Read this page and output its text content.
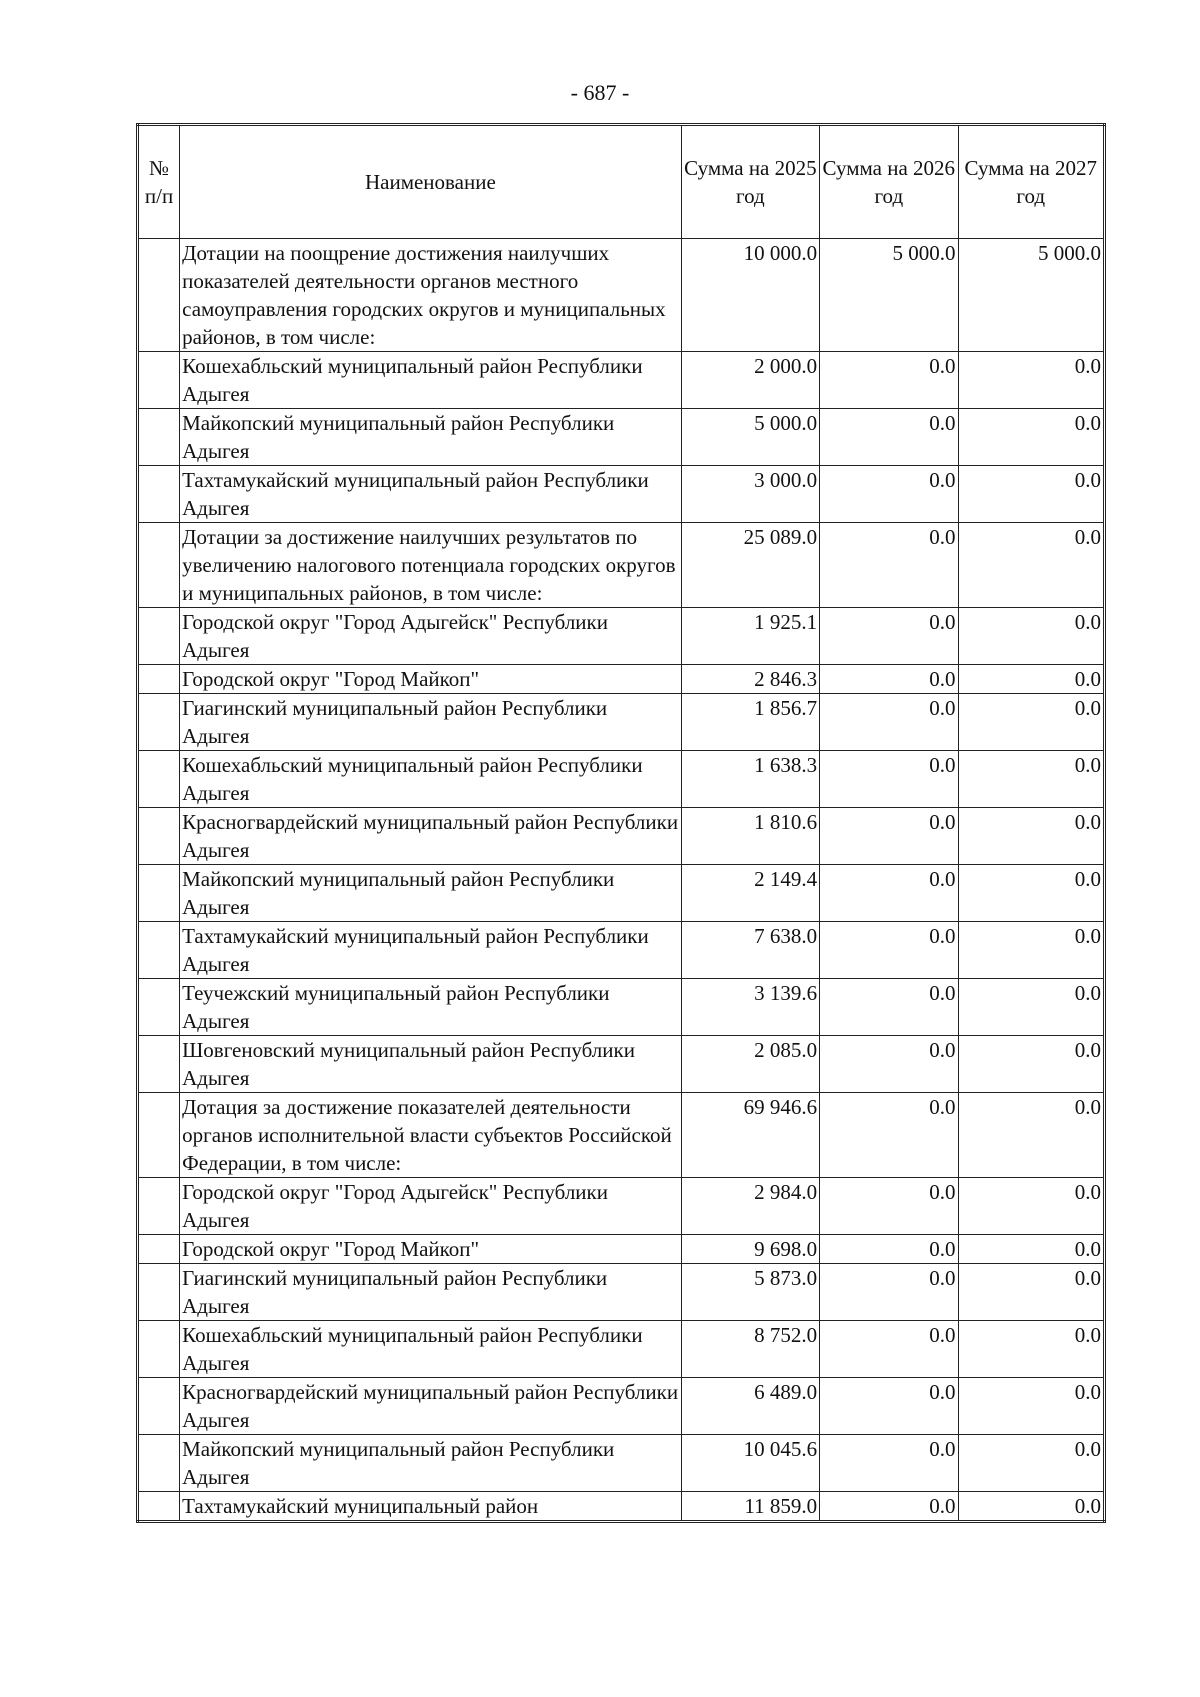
- 687 -
№ п/п	Наименование	Сумма на 2025 год	Сумма на 2026 год	Сумма на 2027 год
	Дотации на поощрение достижения наилучших показателей деятельности органов местного самоуправления городских округов и муниципальных районов, в том числе:	10 000.0	5 000.0	5 000.0
	Кошехабльский муниципальный район Республики Адыгея	2 000.0	0.0	0.0
	Майкопский муниципальный район Республики Адыгея	5 000.0	0.0	0.0
	Тахтамукайский муниципальный район Республики Адыгея	3 000.0	0.0	0.0
	Дотации за достижение наилучших результатов по увеличению налогового потенциала городских округов и муниципальных районов, в том числе:	25 089.0	0.0	0.0
	Городской округ "Город Адыгейск" Республики Адыгея	1 925.1	0.0	0.0
	Городской округ "Город Майкоп"	2 846.3	0.0	0.0
	Гиагинский муниципальный район Республики Адыгея	1 856.7	0.0	0.0
	Кошехабльский муниципальный район Республики Адыгея	1 638.3	0.0	0.0
	Красногвардейский муниципальный район Республики Адыгея	1 810.6	0.0	0.0
	Майкопский муниципальный район Республики Адыгея	2 149.4	0.0	0.0
	Тахтамукайский муниципальный район Республики Адыгея	7 638.0	0.0	0.0
	Теучежский муниципальный район Республики Адыгея	3 139.6	0.0	0.0
	Шовгеновский муниципальный район Республики Адыгея	2 085.0	0.0	0.0
	Дотация за достижение показателей деятельности органов исполнительной власти субъектов Российской Федерации, в том числе:	69 946.6	0.0	0.0
	Городской округ "Город Адыгейск" Республики Адыгея	2 984.0	0.0	0.0
	Городской округ "Город Майкоп"	9 698.0	0.0	0.0
	Гиагинский муниципальный район Республики Адыгея	5 873.0	0.0	0.0
	Кошехабльский муниципальный район Республики Адыгея	8 752.0	0.0	0.0
	Красногвардейский муниципальный район Республики Адыгея	6 489.0	0.0	0.0
	Майкопский муниципальный район Республики Адыгея	10 045.6	0.0	0.0
	Тахтамукайский муниципальный район	11 859.0	0.0	0.0
